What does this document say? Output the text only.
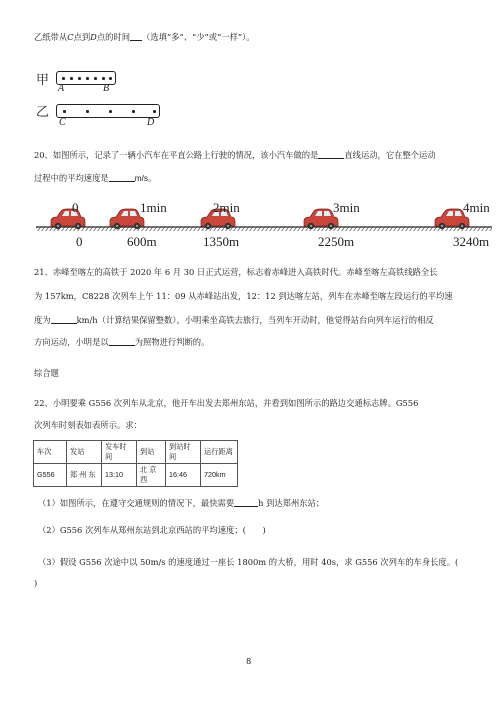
乙纸带从C点到D点的时间 （选填“多”、“少”或“一样”）。
甲
A	B
乙
C	D
20、如图所示，记录了一辆小汽车在平直公路上行驶的情况，该小汽车做的是	直线运动，它在整个运动
过程中的平均速度是	m/s。
0	1min	2min	3min	4min
0	600m	1350m	2250m	3240m
21、赤峰至喀左的高铁于 2020 年 6 月 30 日正式运营，标志着赤峰进入高铁时代。赤峰至喀左高铁线路全长
为 157km，C8228 次列车上午 11：09 从赤峰站出发，12：12 到达喀左站，列车在赤峰至喀左段运行的平均速
度为	km/h（计算结果保留整数）。小明乘坐高铁去旅行，当列车开动时，他觉得站台向列车运行的相反
方向运动，小明是以	为照物进行判断的。
综合题
22、小明要乘 G556 次列车从北京，他开车出发去郑州东站，并看到如图所示的路边交通标志牌。G556
次列车时刻表如表所示。求：
车次	发站	发车时间	到站	到站时间	运行距离
G556	郑州东	13:10	北京西	16:46	720km
（1）如图所示，在遵守交通规则的情况下，最快需要	h 到达郑州东站；
（2）G556 次列车从郑州东站到北京西站的平均速度；(　　)
（3）假设 G556 次途中以 50m/s 的速度通过一座长 1800m 的大桥，用时 40s，求 G556 次列车的车身长度。(
)
8
